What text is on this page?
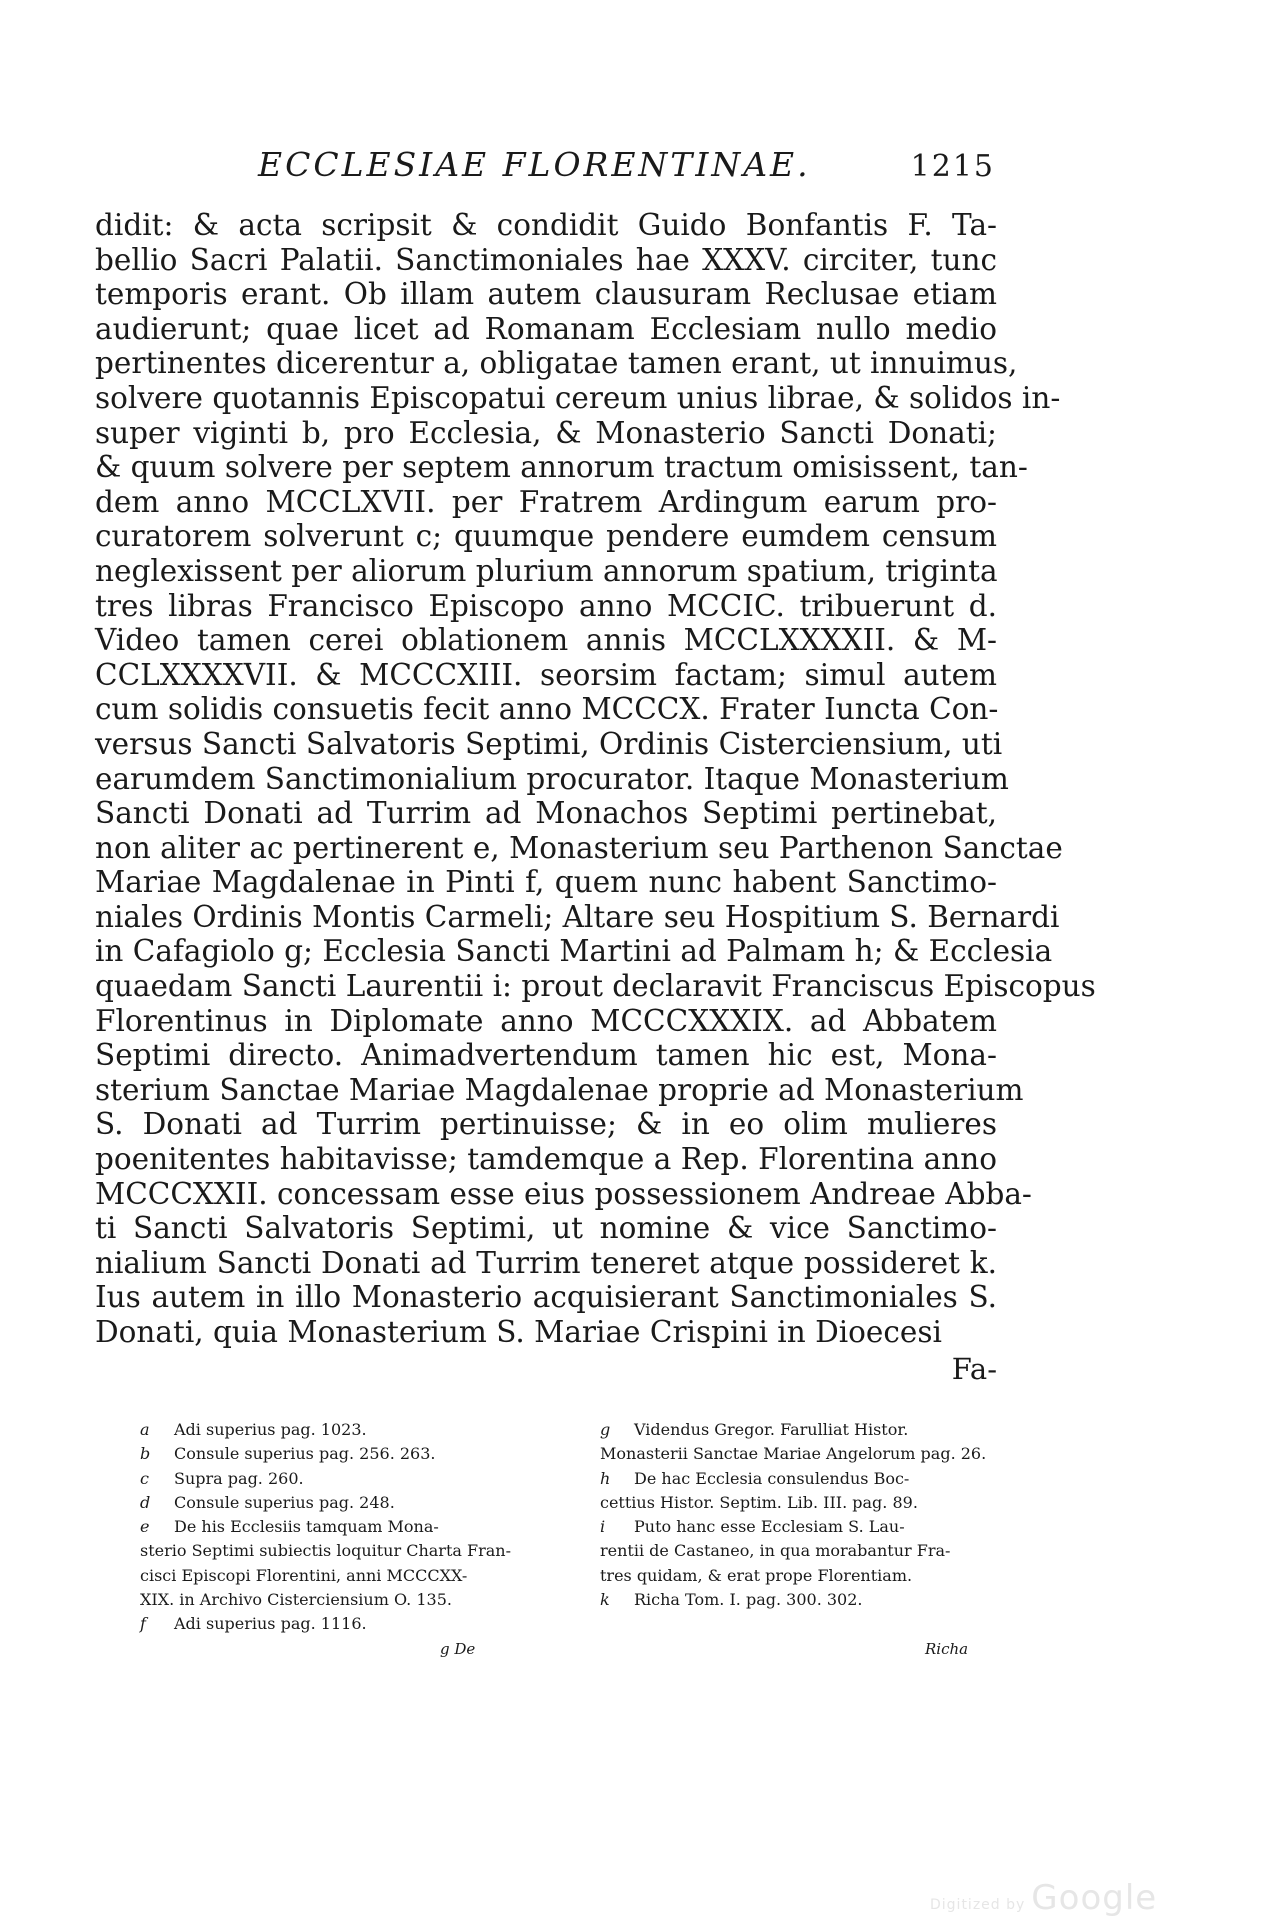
ECCLESIAE FLORENTINAE.	1215
didit: & acta scripsit & condidit Guido Bonfantis F. Ta-
bellio Sacri Palatii. Sanctimoniales hae XXXV. circiter, tunc
temporis erant. Ob illam autem clausuram Reclusae etiam
audierunt; quae licet ad Romanam Ecclesiam nullo medio
pertinentes dicerentur a, obligatae tamen erant, ut innuimus,
solvere quotannis Episcopatui cereum unius librae, & solidos in-
super viginti b, pro Ecclesia, & Monasterio Sancti Donati;
& quum solvere per septem annorum tractum omisissent, tan-
dem anno MCCLXVII. per Fratrem Ardingum earum pro-
curatorem solverunt c; quumque pendere eumdem censum
neglexissent per aliorum plurium annorum spatium, triginta
tres libras Francisco Episcopo anno MCCIC. tribuerunt d.
Video tamen cerei oblationem annis MCCLXXXXII. & M-
CCLXXXXVII. & MCCCXIII. seorsim factam; simul autem
cum solidis consuetis fecit anno MCCCX. Frater Iuncta Con-
versus Sancti Salvatoris Septimi, Ordinis Cisterciensium, uti
earumdem Sanctimonialium procurator. Itaque Monasterium
Sancti Donati ad Turrim ad Monachos Septimi pertinebat,
non aliter ac pertinerent e, Monasterium seu Parthenon Sanctae
Mariae Magdalenae in Pinti f, quem nunc habent Sanctimo-
niales Ordinis Montis Carmeli; Altare seu Hospitium S. Bernardi
in Cafagiolo g; Ecclesia Sancti Martini ad Palmam h; & Ecclesia
quaedam Sancti Laurentii i: prout declaravit Franciscus Episcopus
Florentinus in Diplomate anno MCCCXXXIX. ad Abbatem
Septimi directo. Animadvertendum tamen hic est, Mona-
sterium Sanctae Mariae Magdalenae proprie ad Monasterium
S. Donati ad Turrim pertinuisse; & in eo olim mulieres
poenitentes habitavisse; tamdemque a Rep. Florentina anno
MCCCXXII. concessam esse eius possessionem Andreae Abba-
ti Sancti Salvatoris Septimi, ut nomine & vice Sanctimo-
nialium Sancti Donati ad Turrim teneret atque possideret k.
Ius autem in illo Monasterio acquisierant Sanctimoniales S.
Donati, quia Monasterium S. Mariae Crispini in Dioecesi
Fa-
a Adi superius pag. 1023.
b Consule superius pag. 256. 263.
c Supra pag. 260.
d Consule superius pag. 248.
e De his Ecclesiis tamquam Mona-
sterio Septimi subiectis loquitur Charta Fran-
cisci Episcopi Florentini, anni MCCCXX-
XIX. in Archivo Cisterciensium O. 135.
f Adi superius pag. 1116.
g Videndus Gregor. Farulliat Histor.
Monasterii Sanctae Mariae Angelorum pag. 26.
h De hac Ecclesia consulendus Boc-
cettius Histor. Septim. Lib. III. pag. 89.
i Puto hanc esse Ecclesiam S. Lau-
rentii de Castaneo, in qua morabantur Fra-
tres quidam, & erat prope Florentiam.
k Richa Tom. I. pag. 300. 302.
g De	Richa
Digitized by Google
